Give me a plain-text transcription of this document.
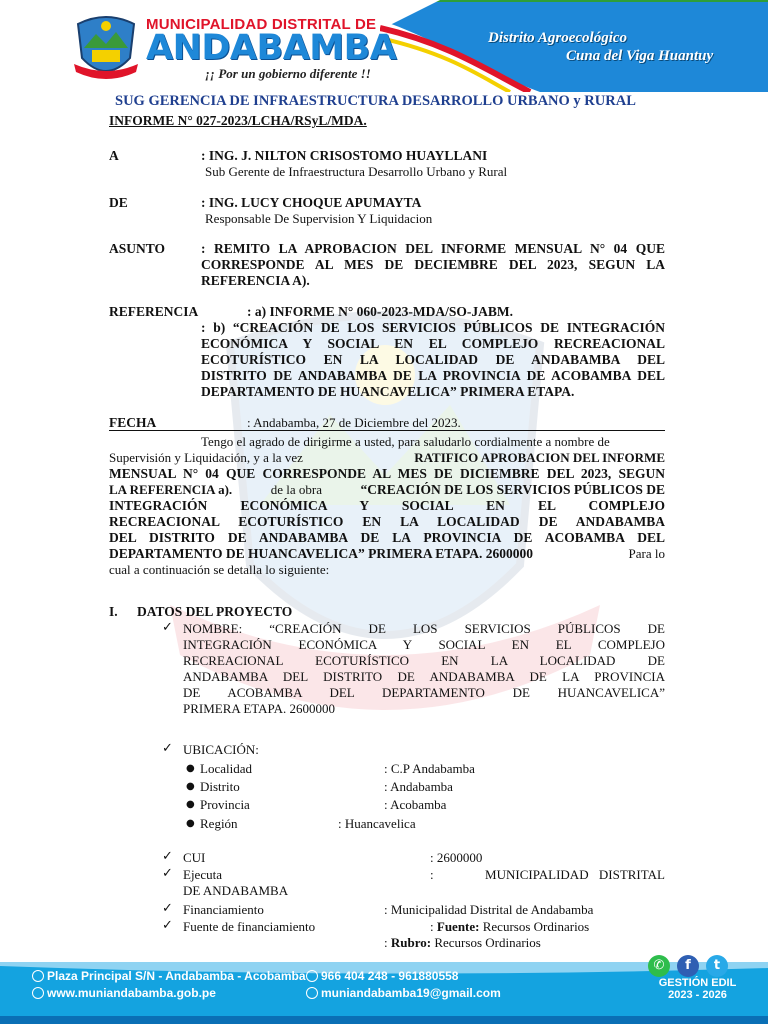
MUNICIPALIDAD DISTRITAL DE
ANDABAMBA
¡¡ Por un gobierno diferente !!
Distrito Agroecológico
Cuna del Viga Huantuy
SUG GERENCIA DE INFRAESTRUCTURA DESARROLLO URBANO y RURAL
INFORME N° 027-2023/LCHA/RSyL/MDA.
A	: ING. J. NILTON CRISOSTOMO HUAYLLANI
Sub Gerente de Infraestructura Desarrollo Urbano y Rural
DE	: ING. LUCY CHOQUE APUMAYTA
Responsable De Supervision Y Liquidacion
ASUNTO	: REMITO LA APROBACION DEL INFORME MENSUAL N° 04 QUE
CORRESPONDE AL MES DE DECIEMBRE DEL 2023, SEGUN LA
REFERENCIA A).
REFERENCIA	: a) INFORME N° 060-2023-MDA/SO-JABM.
: b) “CREACIÓN DE LOS SERVICIOS PÚBLICOS DE INTEGRACIÓN
ECONÓMICA Y SOCIAL EN EL COMPLEJO RECREACIONAL
ECOTURÍSTICO EN LA LOCALIDAD DE ANDABAMBA DEL
DISTRITO DE ANDABAMBA DE LA PROVINCIA DE ACOBAMBA DEL
DEPARTAMENTO DE HUANCAVELICA” PRIMERA ETAPA.
FECHA	: Andabamba, 27 de Diciembre del 2023.
Tengo el agrado de dirigirme a usted, para saludarlo cordialmente a nombre de
Supervisión y Liquidación, y a la vez	RATIFICO APROBACION DEL INFORME
MENSUAL N° 04 QUE CORRESPONDE AL MES DE DICIEMBRE DEL 2023, SEGUN
LA REFERENCIA a).	de la obra	“CREACIÓN DE LOS SERVICIOS PÚBLICOS DE
INTEGRACIÓN ECONÓMICA Y SOCIAL EN EL COMPLEJO
RECREACIONAL ECOTURÍSTICO EN LA LOCALIDAD DE ANDABAMBA
DEL DISTRITO DE ANDABAMBA DE LA PROVINCIA DE ACOBAMBA DEL
DEPARTAMENTO DE HUANCAVELICA” PRIMERA ETAPA. 2600000	Para lo
cual a continuación se detalla lo siguiente:
I. DATOS DEL PROYECTO
✓ NOMBRE: “CREACIÓN DE LOS SERVICIOS PÚBLICOS DE
INTEGRACIÓN ECONÓMICA Y SOCIAL EN EL COMPLEJO
RECREACIONAL ECOTURÍSTICO EN LA LOCALIDAD DE
ANDABAMBA DEL DISTRITO DE ANDABAMBA DE LA PROVINCIA
DE ACOBAMBA DEL DEPARTAMENTO DE HUANCAVELICA”
PRIMERA ETAPA. 2600000
✓ UBICACIÓN:
● Localidad	: C.P Andabamba
● Distrito	: Andabamba
● Provincia	: Acobamba
● Región	: Huancavelica
✓ CUI	: 2600000
✓ Ejecuta	:     MUNICIPALIDAD DISTRITAL
DE ANDABAMBA
✓ Financiamiento	: Municipalidad Distrital de Andabamba
✓ Fuente de financiamiento	: Fuente: Recursos Ordinarios
: Rubro: Recursos Ordinarios
Plaza Principal S/N - Andabamba - Acobamba
www.muniandabamba.gob.pe
966 404 248 - 961880558
muniandabamba19@gmail.com
✆	f	t
GESTIÓN EDIL
2023 - 2026
